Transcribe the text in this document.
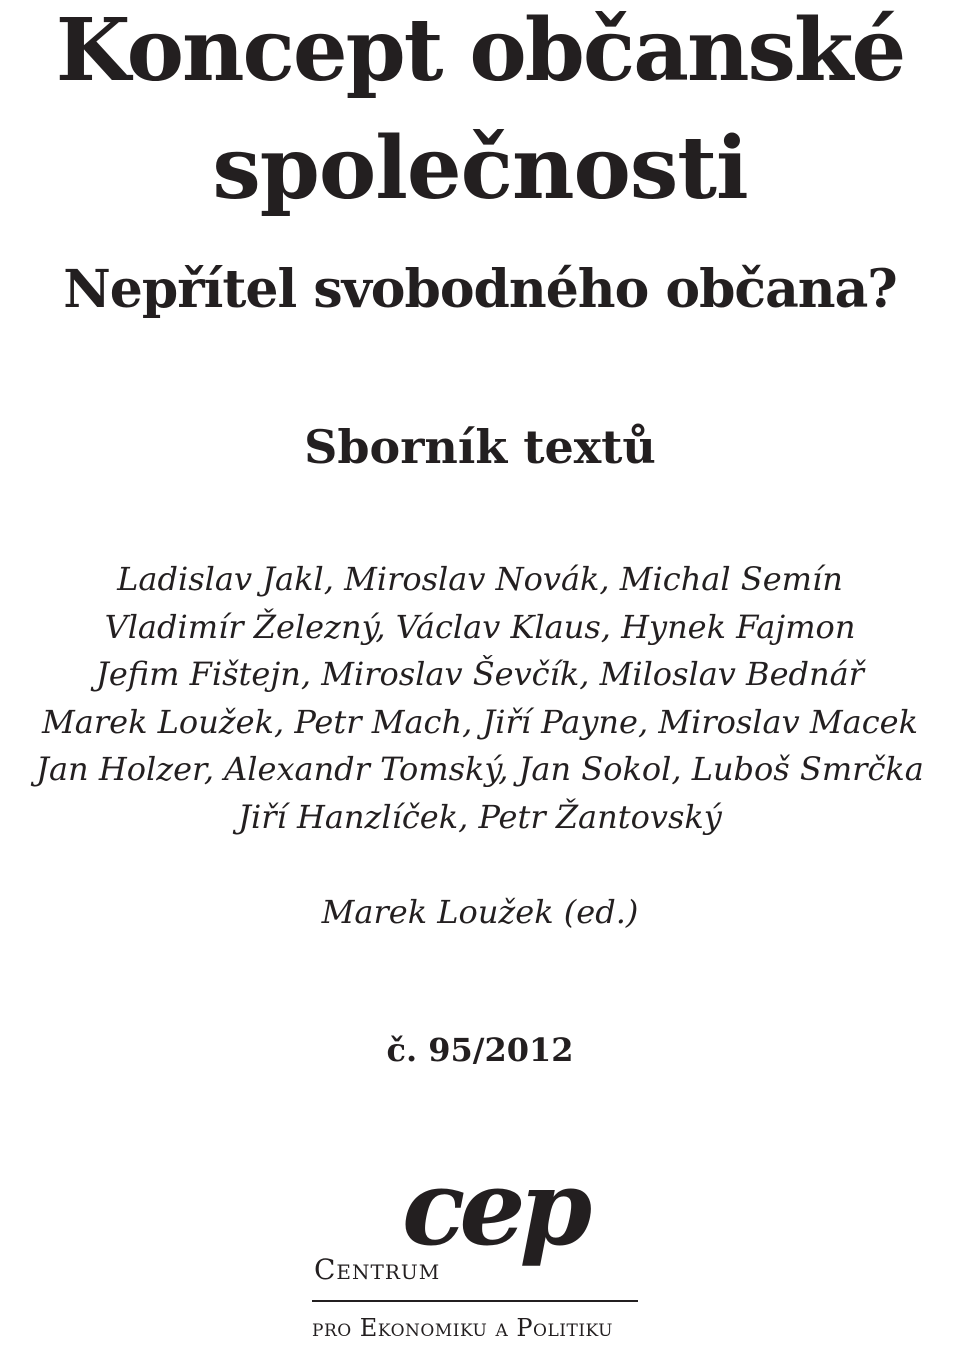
Koncept občanské
společnosti
Nepřítel svobodného občana?
Sborník textů
Ladislav Jakl, Miroslav Novák, Michal Semín
Vladimír Železný, Václav Klaus, Hynek Fajmon
Jefim Fištejn, Miroslav Ševčík, Miloslav Bednář
Marek Loužek, Petr Mach, Jiří Payne, Miroslav Macek
Jan Holzer, Alexandr Tomský, Jan Sokol, Luboš Smrčka
Jiří Hanzlíček, Petr Žantovský
Marek Loužek (ed.)
č. 95/2012
cep
Centrum
pro Ekonomiku a Politiku
